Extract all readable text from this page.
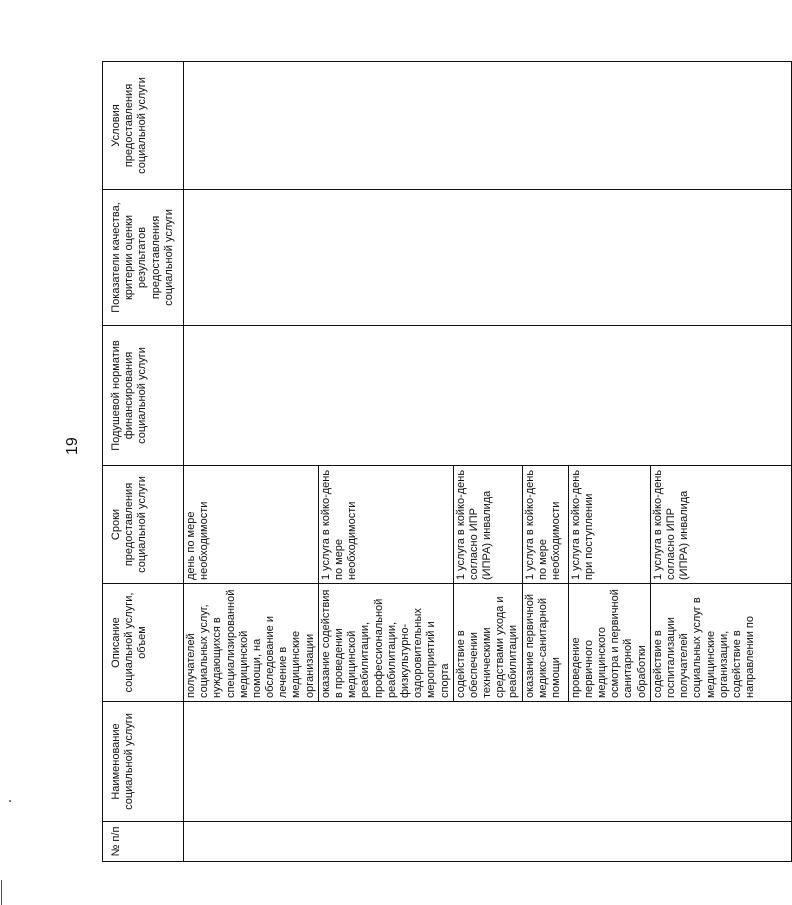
19
№ п/п	Наименование социальной услуги	Описание социальной услуги, объем	Сроки предоставления социальной услуги	Подушевой норматив финансирования социальной услуги	Показатели качества, критерии оценки результатов предоставления социальной услуги	Условия предоставления социальной услуги
		получателей социальных услуг, нуждающихся в специализированной медицинской помощи, на обследование и лечение в медицинские организации	день по мере необходимости			
		оказание содействия в проведении медицинской реабилитации, профессиональной реабилитации, физкультурно-оздоровительных мероприятий и спорта	1 услуга в койко-день по мере необходимости			
		содействие в обеспечении техническими средствами ухода и реабилитации	1 услуга в койко-день согласно ИПР (ИПРА) инвалида			
		оказание первичной медико-санитарной помощи	1 услуга в койко-день по мере необходимости			
		проведение первичного медицинского осмотра и первичной санитарной обработки	1 услуга в койко-день при поступлении			
		содействие в госпитализации получателей социальных услуг в медицинские организации, содействие в направлении по	1 услуга в койко-день согласно ИПР (ИПРА) инвалида			
